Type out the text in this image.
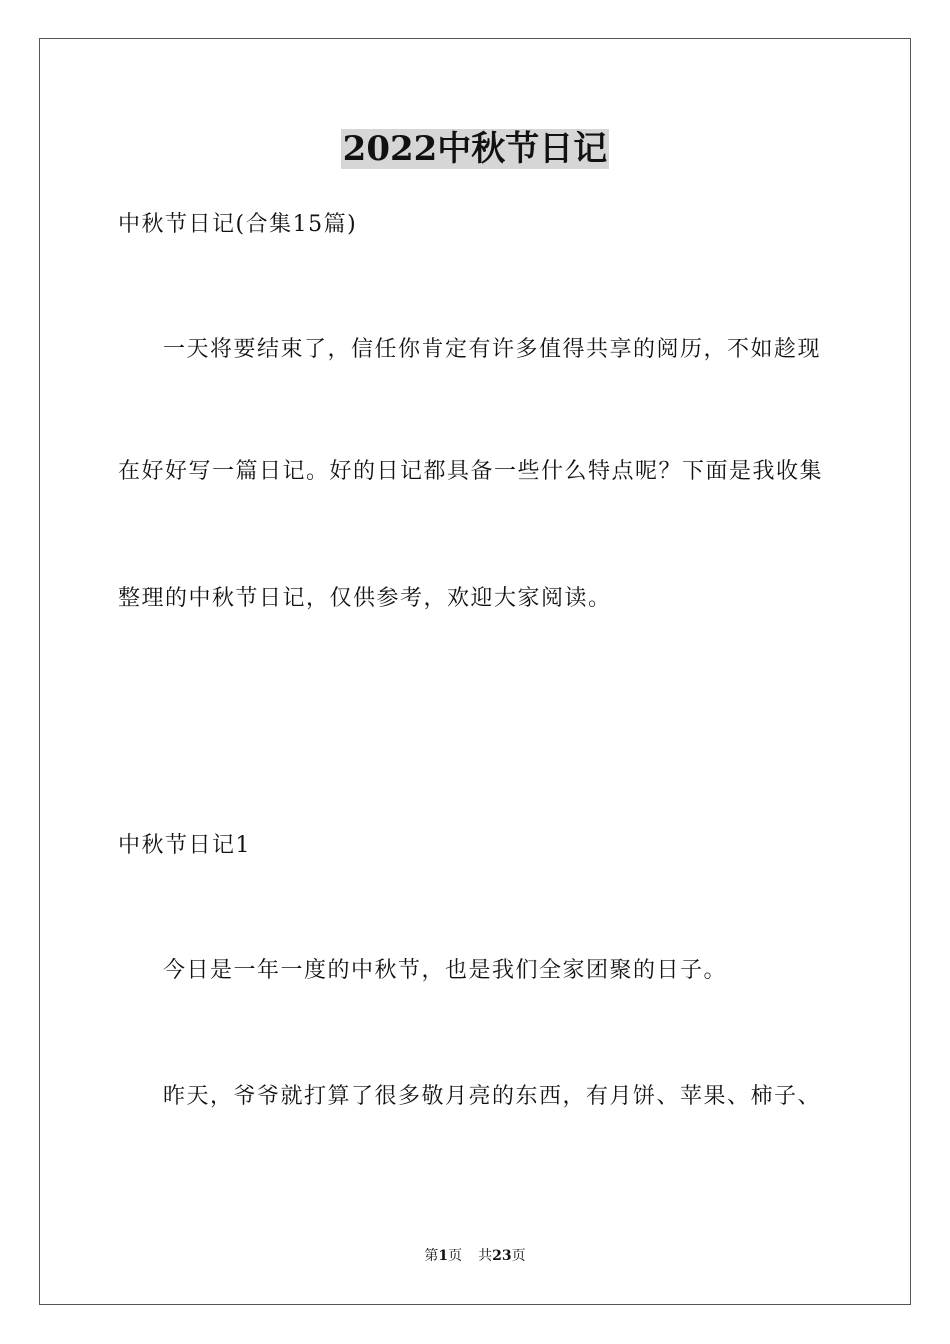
2022中秋节日记
中秋节日记(合集15篇)
一天将要结束了，信任你肯定有许多值得共享的阅历，不如趁现
在好好写一篇日记。好的日记都具备一些什么特点呢？下面是我收集
整理的中秋节日记，仅供参考，欢迎大家阅读。
中秋节日记1
今日是一年一度的中秋节，也是我们全家团聚的日子。
昨天，爷爷就打算了很多敬月亮的东西，有月饼、苹果、柿子、
第1页 共23页
